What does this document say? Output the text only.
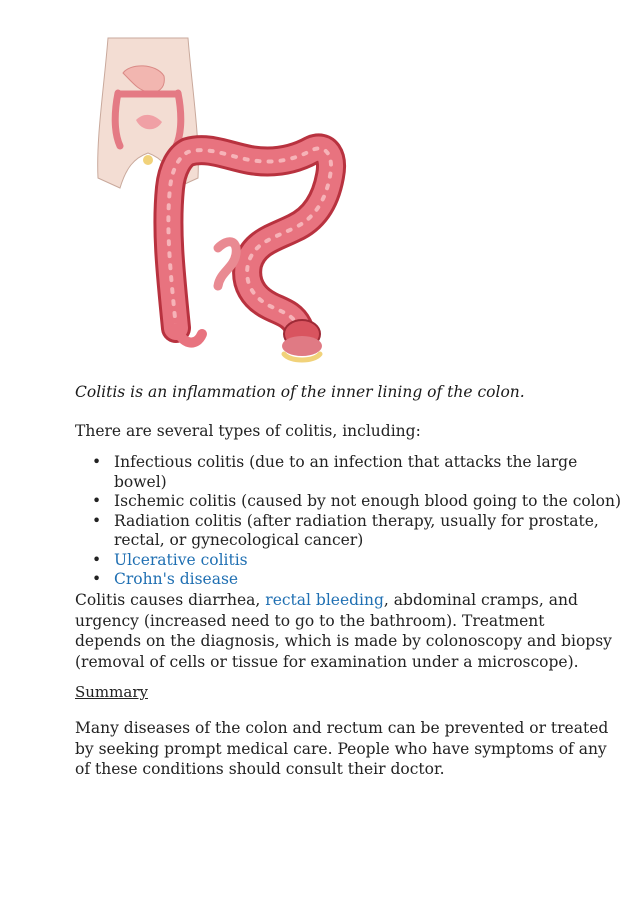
Colitis is an inflammation of the inner lining of the colon.
There are several types of colitis, including:
• Infectious colitis (due to an infection that attacks the large bowel)
• Ischemic colitis (caused by not enough blood going to the colon)
• Radiation colitis (after radiation therapy, usually for prostate, rectal, or gynecological cancer)
• Ulcerative colitis
• Crohn's disease
Colitis causes diarrhea, rectal bleeding, abdominal cramps, and urgency (increased need to go to the bathroom). Treatment depends on the diagnosis, which is made by colonoscopy and biopsy (removal of cells or tissue for examination under a microscope).
Summary
Many diseases of the colon and rectum can be prevented or treated by seeking prompt medical care. People who have symptoms of any of these conditions should consult their doctor.
